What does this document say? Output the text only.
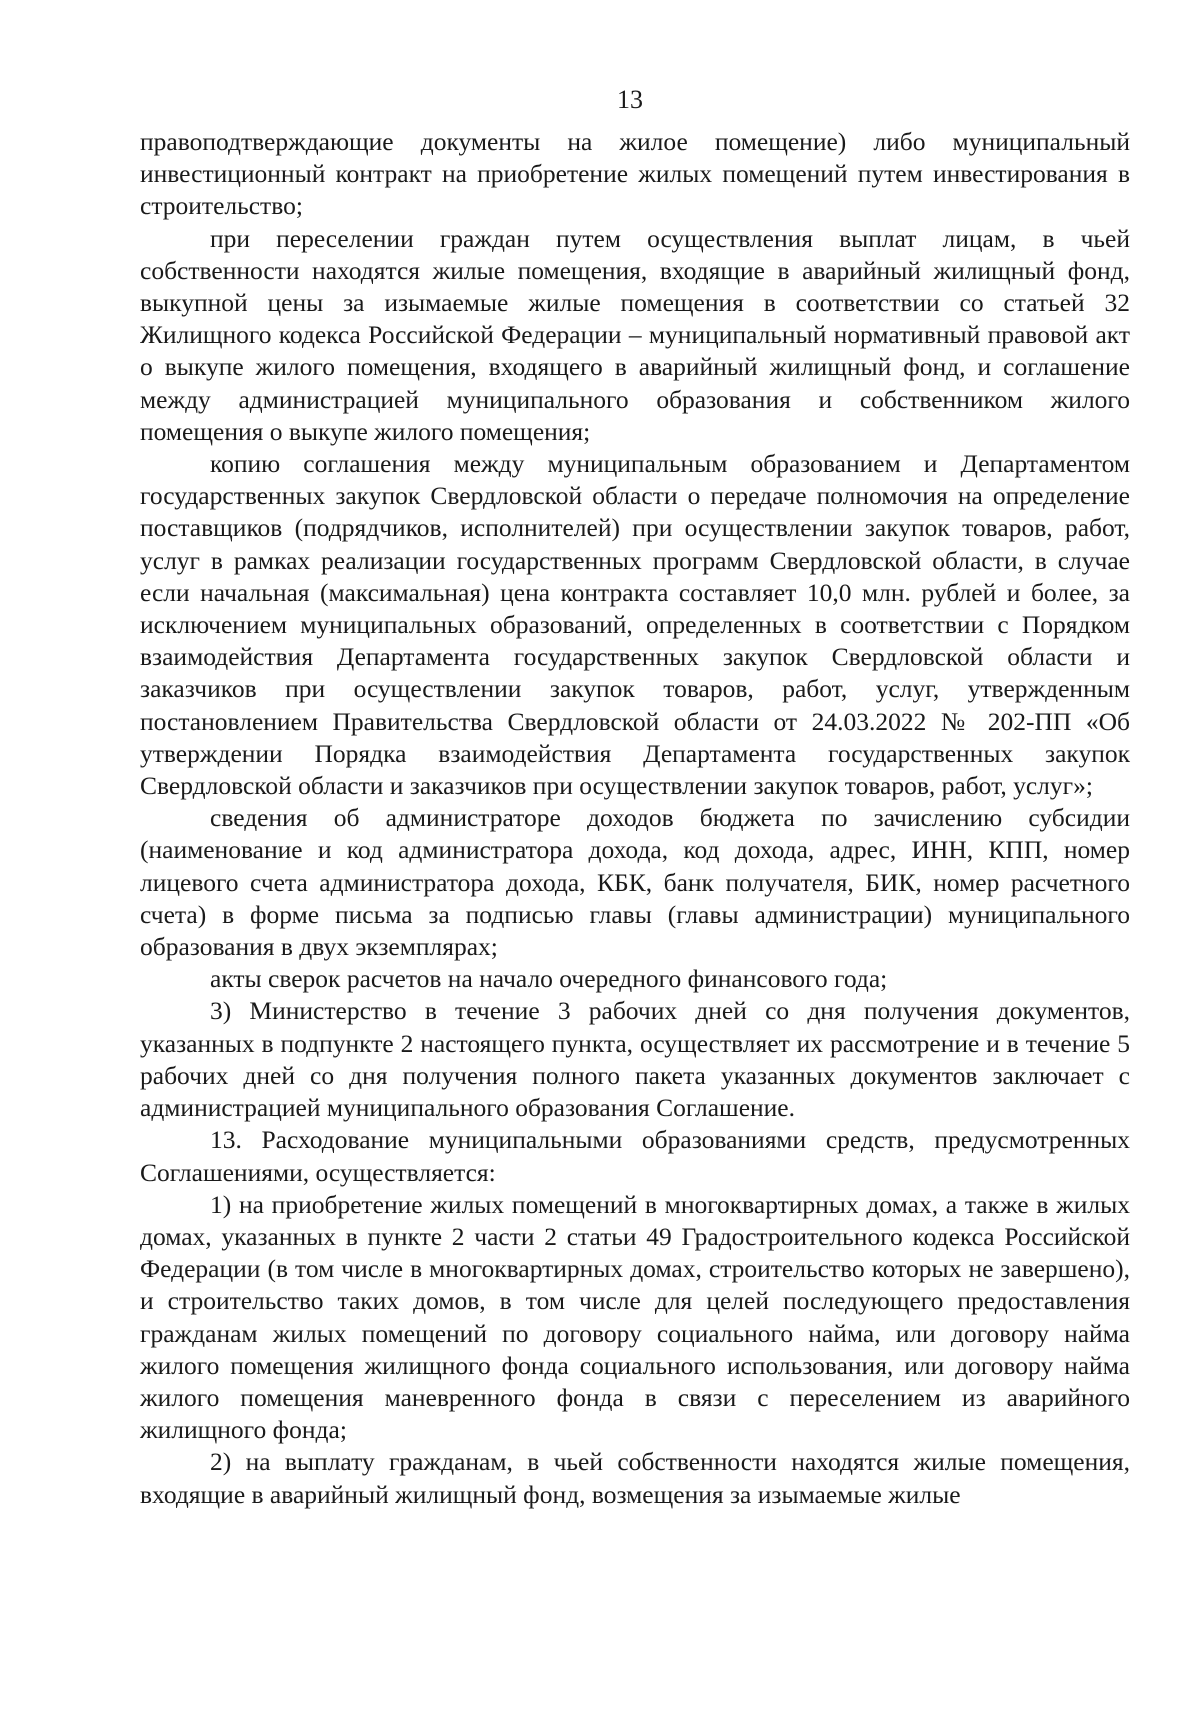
13

правоподтверждающие документы на жилое помещение) либо муниципальный инвестиционный контракт на приобретение жилых помещений путем инвестирования в строительство;

при переселении граждан путем осуществления выплат лицам, в чьей собственности находятся жилые помещения, входящие в аварийный жилищный фонд, выкупной цены за изымаемые жилые помещения в соответствии со статьей 32 Жилищного кодекса Российской Федерации – муниципальный нормативный правовой акт о выкупе жилого помещения, входящего в аварийный жилищный фонд, и соглашение между администрацией муниципального образования и собственником жилого помещения о выкупе жилого помещения;

копию соглашения между муниципальным образованием и Департаментом государственных закупок Свердловской области о передаче полномочия на определение поставщиков (подрядчиков, исполнителей) при осуществлении закупок товаров, работ, услуг в рамках реализации государственных программ Свердловской области, в случае если начальная (максимальная) цена контракта составляет 10,0 млн. рублей и более, за исключением муниципальных образований, определенных в соответствии с Порядком взаимодействия Департамента государственных закупок Свердловской области и заказчиков при осуществлении закупок товаров, работ, услуг, утвержденным постановлением Правительства Свердловской области от 24.03.2022 № 202-ПП «Об утверждении Порядка взаимодействия Департамента государственных закупок Свердловской области и заказчиков при осуществлении закупок товаров, работ, услуг»;

сведения об администраторе доходов бюджета по зачислению субсидии (наименование и код администратора дохода, код дохода, адрес, ИНН, КПП, номер лицевого счета администратора дохода, КБК, банк получателя, БИК, номер расчетного счета) в форме письма за подписью главы (главы администрации) муниципального образования в двух экземплярах;

акты сверок расчетов на начало очередного финансового года;

3) Министерство в течение 3 рабочих дней со дня получения документов, указанных в подпункте 2 настоящего пункта, осуществляет их рассмотрение и в течение 5 рабочих дней со дня получения полного пакета указанных документов заключает с администрацией муниципального образования Соглашение.

13. Расходование муниципальными образованиями средств, предусмотренных Соглашениями, осуществляется:

1) на приобретение жилых помещений в многоквартирных домах, а также в жилых домах, указанных в пункте 2 части 2 статьи 49 Градостроительного кодекса Российской Федерации (в том числе в многоквартирных домах, строительство которых не завершено), и строительство таких домов, в том числе для целей последующего предоставления гражданам жилых помещений по договору социального найма, или договору найма жилого помещения жилищного фонда социального использования, или договору найма жилого помещения маневренного фонда в связи с переселением из аварийного жилищного фонда;

2) на выплату гражданам, в чьей собственности находятся жилые помещения, входящие в аварийный жилищный фонд, возмещения за изымаемые жилые
